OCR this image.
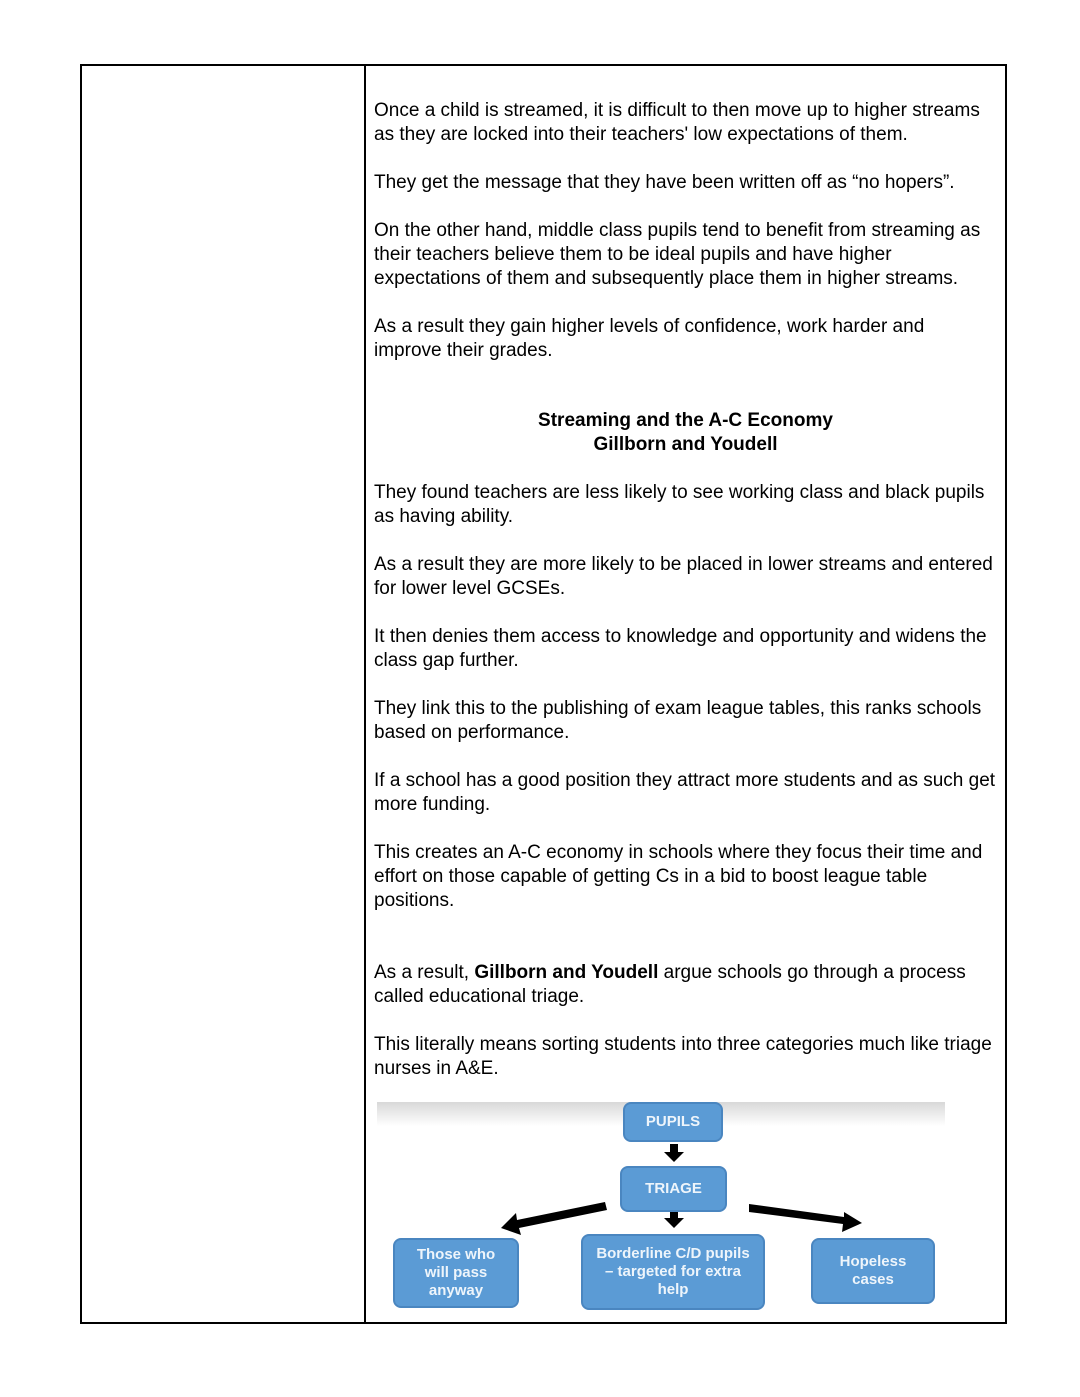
Once a child is streamed, it is difficult to then move up to higher streams as they are locked into their teachers' low expectations of them.

They get the message that they have been written off as “no hopers”.

On the other hand, middle class pupils tend to benefit from streaming as their teachers believe them to be ideal pupils and have higher expectations of them and subsequently place them in higher streams.

As a result they gain higher levels of confidence, work harder and improve their grades.

Streaming and the A-C Economy
Gillborn and Youdell

They found teachers are less likely to see working class and black pupils as having ability.

As a result they are more likely to be placed in lower streams and entered for lower level GCSEs.

It then denies them access to knowledge and opportunity and widens the class gap further.

They link this to the publishing of exam league tables, this ranks schools based on performance.

If a school has a good position they attract more students and as such get more funding.

This creates an A-C economy in schools where they focus their time and effort on those capable of getting Cs in a bid to boost league table positions.

As a result, Gillborn and Youdell argue schools go through a process called educational triage.

This literally means sorting students into three categories much like triage nurses in A&E.

PUPILS
TRIAGE
Those who will pass anyway
Borderline C/D pupils – targeted for extra help
Hopeless cases
